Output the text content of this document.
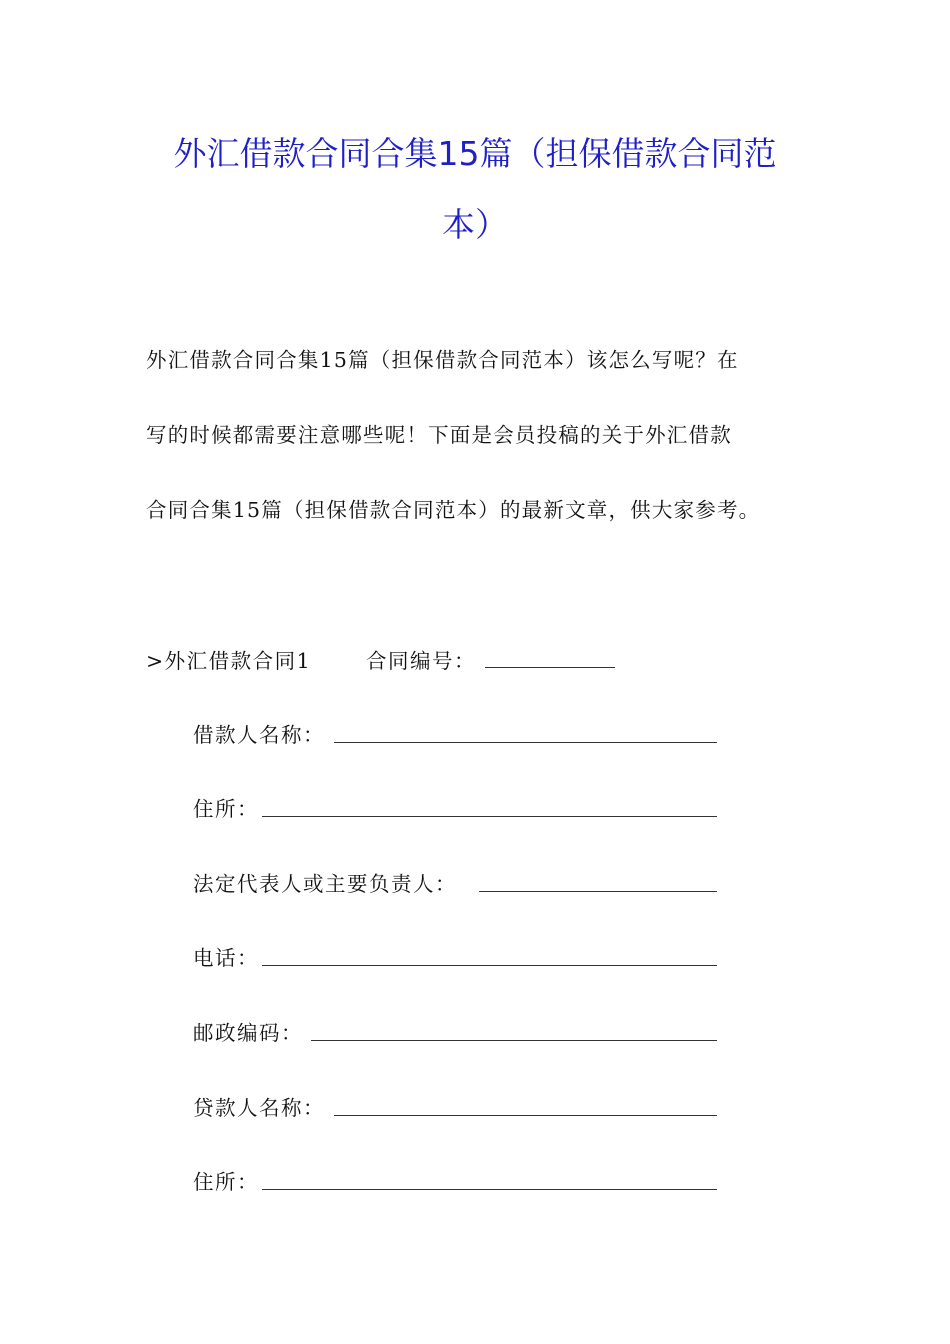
外汇借款合同合集15篇（担保借款合同范
本）
外汇借款合同合集15篇（担保借款合同范本）该怎么写呢？在
写的时候都需要注意哪些呢！下面是会员投稿的关于外汇借款
合同合集15篇（担保借款合同范本）的最新文章，供大家参考。
>外汇借款合同1	合同编号：
借款人名称：
住所：
法定代表人或主要负责人：
电话：
邮政编码：
贷款人名称：
住所：
